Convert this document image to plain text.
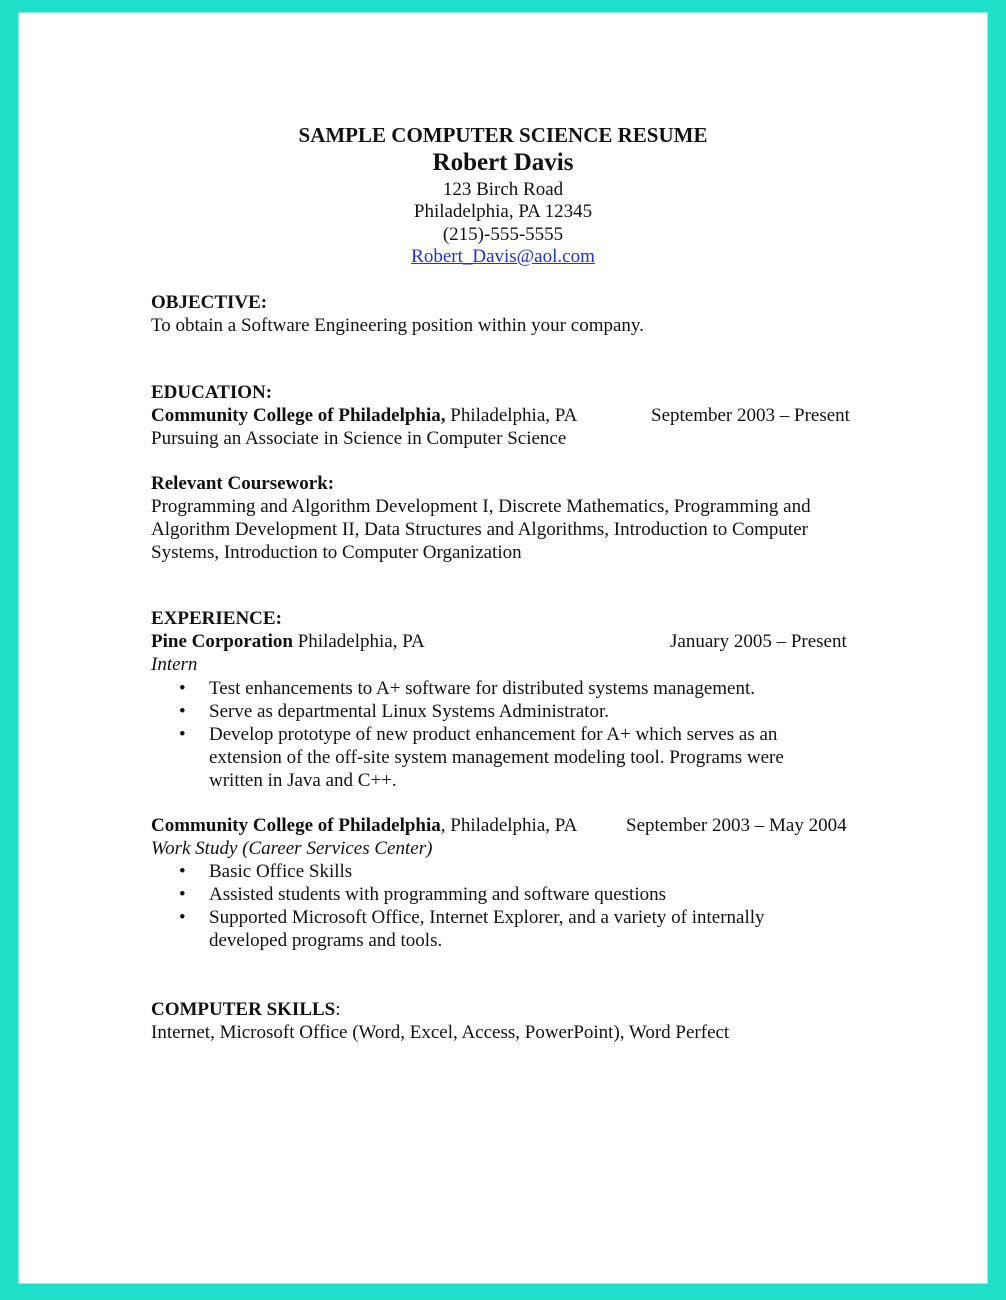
SAMPLE COMPUTER SCIENCE RESUME
Robert Davis
123 Birch Road
Philadelphia, PA 12345
(215)-555-5555
Robert_Davis@aol.com
OBJECTIVE:
To obtain a Software Engineering position within your company.
EDUCATION:
Community College of Philadelphia, Philadelphia, PA	September 2003 – Present
Pursuing an Associate in Science in Computer Science
Relevant Coursework:
Programming and Algorithm Development I, Discrete Mathematics, Programming and
Algorithm Development II, Data Structures and Algorithms, Introduction to Computer
Systems, Introduction to Computer Organization
EXPERIENCE:
Pine Corporation Philadelphia, PA	January 2005 – Present
Intern
• Test enhancements to A+ software for distributed systems management.
• Serve as departmental Linux Systems Administrator.
• Develop prototype of new product enhancement for A+ which serves as an
extension of the off-site system management modeling tool. Programs were
written in Java and C++.
Community College of Philadelphia, Philadelphia, PA	September 2003 – May 2004
Work Study (Career Services Center)
• Basic Office Skills
• Assisted students with programming and software questions
• Supported Microsoft Office, Internet Explorer, and a variety of internally
developed programs and tools.
COMPUTER SKILLS:
Internet, Microsoft Office (Word, Excel, Access, PowerPoint), Word Perfect
